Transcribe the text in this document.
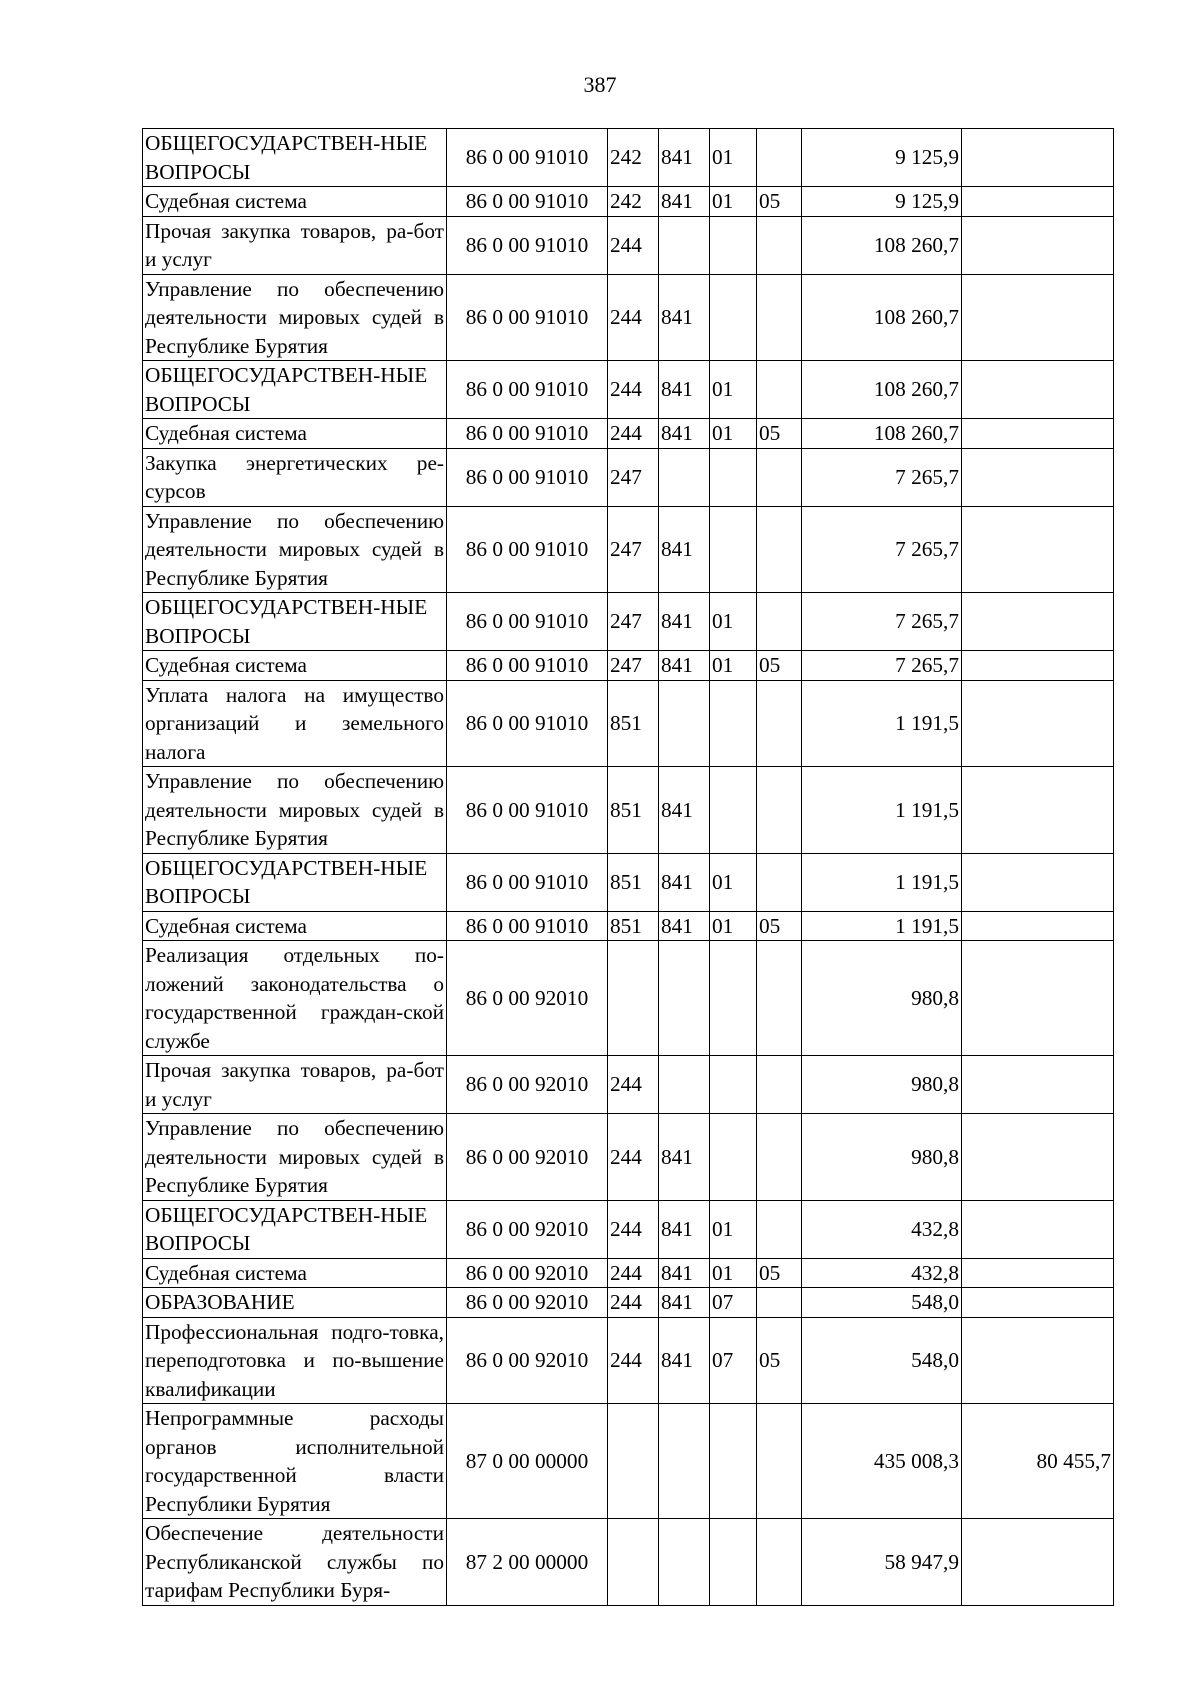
387
ОБЩЕГОСУДАРСТВЕН-НЫЕ ВОПРОСЫ	86 0 00 91010	242	841	01		9 125,9	
Судебная система	86 0 00 91010	242	841	01	05	9 125,9	
Прочая закупка товаров, ра-бот и услуг	86 0 00 91010	244				108 260,7	
Управление по обеспечению деятельности мировых судей в Республике Бурятия	86 0 00 91010	244	841			108 260,7	
ОБЩЕГОСУДАРСТВЕН-НЫЕ ВОПРОСЫ	86 0 00 91010	244	841	01		108 260,7	
Судебная система	86 0 00 91010	244	841	01	05	108 260,7	
Закупка энергетических ре-сурсов	86 0 00 91010	247				7 265,7	
Управление по обеспечению деятельности мировых судей в Республике Бурятия	86 0 00 91010	247	841			7 265,7	
ОБЩЕГОСУДАРСТВЕН-НЫЕ ВОПРОСЫ	86 0 00 91010	247	841	01		7 265,7	
Судебная система	86 0 00 91010	247	841	01	05	7 265,7	
Уплата налога на имущество организаций и земельного налога	86 0 00 91010	851				1 191,5	
Управление по обеспечению деятельности мировых судей в Республике Бурятия	86 0 00 91010	851	841			1 191,5	
ОБЩЕГОСУДАРСТВЕН-НЫЕ ВОПРОСЫ	86 0 00 91010	851	841	01		1 191,5	
Судебная система	86 0 00 91010	851	841	01	05	1 191,5	
Реализация отдельных по-ложений законодательства о государственной граждан-ской службе	86 0 00 92010					980,8	
Прочая закупка товаров, ра-бот и услуг	86 0 00 92010	244				980,8	
Управление по обеспечению деятельности мировых судей в Республике Бурятия	86 0 00 92010	244	841			980,8	
ОБЩЕГОСУДАРСТВЕН-НЫЕ ВОПРОСЫ	86 0 00 92010	244	841	01		432,8	
Судебная система	86 0 00 92010	244	841	01	05	432,8	
ОБРАЗОВАНИЕ	86 0 00 92010	244	841	07		548,0	
Профессиональная подго-товка, переподготовка и по-вышение квалификации	86 0 00 92010	244	841	07	05	548,0	
Непрограммные расходы органов исполнительной государственной власти Республики Бурятия	87 0 00 00000					435 008,3	80 455,7
Обеспечение деятельности Республиканской службы по тарифам Республики Буря-	87 2 00 00000					58 947,9	
